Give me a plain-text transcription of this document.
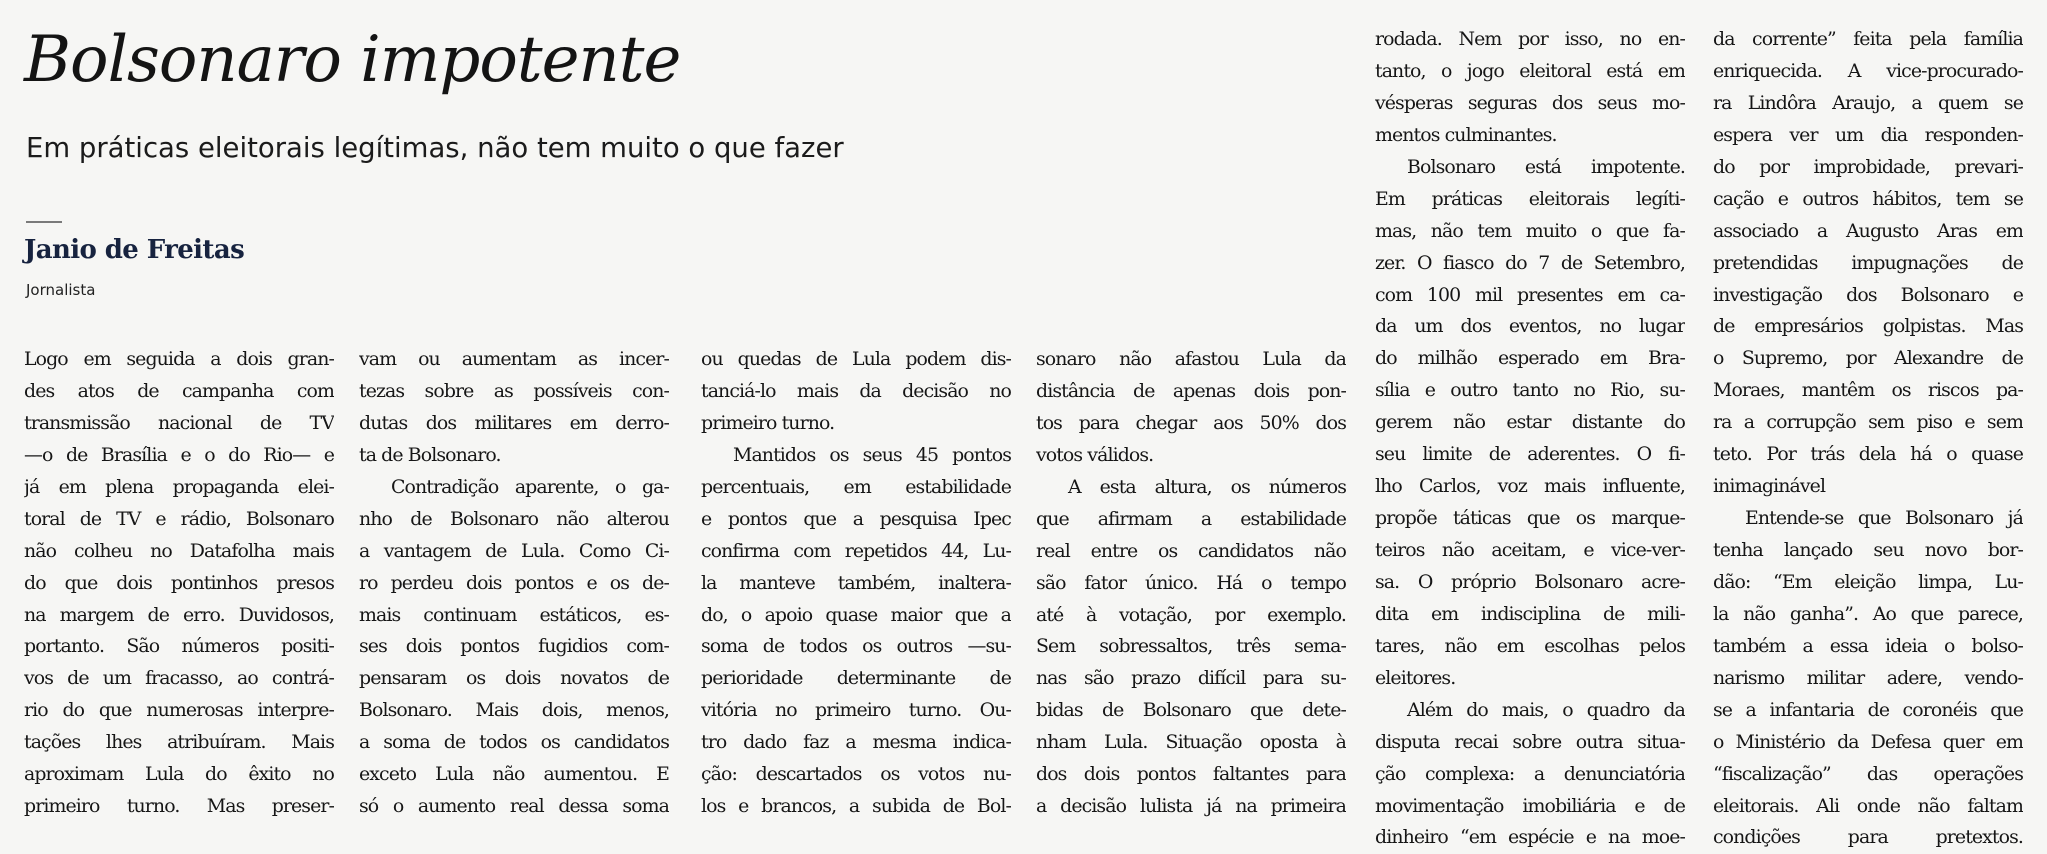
Bolsonaro impotente
Em práticas eleitorais legítimas, não tem muito o que fazer
Janio de Freitas
Jornalista
Logo em seguida a dois gran-
des atos de campanha com
transmissão nacional de TV
—o de Brasília e o do Rio— e
já em plena propaganda elei-
toral de TV e rádio, Bolsonaro
não colheu no Datafolha mais
do que dois pontinhos presos
na margem de erro. Duvidosos,
portanto. São números positi-
vos de um fracasso, ao contrá-
rio do que numerosas interpre-
tações lhes atribuíram. Mais
aproximam Lula do êxito no
primeiro turno. Mas preser-
vam ou aumentam as incer-
tezas sobre as possíveis con-
dutas dos militares em derro-
ta de Bolsonaro.
Contradição aparente, o ga-
nho de Bolsonaro não alterou
a vantagem de Lula. Como Ci-
ro perdeu dois pontos e os de-
mais continuam estáticos, es-
ses dois pontos fugidios com-
pensaram os dois novatos de
Bolsonaro. Mais dois, menos,
a soma de todos os candidatos
exceto Lula não aumentou. E
só o aumento real dessa soma
ou quedas de Lula podem dis-
tanciá-lo mais da decisão no
primeiro turno.
Mantidos os seus 45 pontos
percentuais, em estabilidade
e pontos que a pesquisa Ipec
confirma com repetidos 44, Lu-
la manteve também, inaltera-
do, o apoio quase maior que a
soma de todos os outros —su-
perioridade determinante de
vitória no primeiro turno. Ou-
tro dado faz a mesma indica-
ção: descartados os votos nu-
los e brancos, a subida de Bol-
sonaro não afastou Lula da
distância de apenas dois pon-
tos para chegar aos 50% dos
votos válidos.
A esta altura, os números
que afirmam a estabilidade
real entre os candidatos não
são fator único. Há o tempo
até à votação, por exemplo.
Sem sobressaltos, três sema-
nas são prazo difícil para su-
bidas de Bolsonaro que dete-
nham Lula. Situação oposta à
dos dois pontos faltantes para
a decisão lulista já na primeira
rodada. Nem por isso, no en-
tanto, o jogo eleitoral está em
vésperas seguras dos seus mo-
mentos culminantes.
Bolsonaro está impotente.
Em práticas eleitorais legíti-
mas, não tem muito o que fa-
zer. O fiasco do 7 de Setembro,
com 100 mil presentes em ca-
da um dos eventos, no lugar
do milhão esperado em Bra-
sília e outro tanto no Rio, su-
gerem não estar distante do
seu limite de aderentes. O fi-
lho Carlos, voz mais influente,
propõe táticas que os marque-
teiros não aceitam, e vice-ver-
sa. O próprio Bolsonaro acre-
dita em indisciplina de mili-
tares, não em escolhas pelos
eleitores.
Além do mais, o quadro da
disputa recai sobre outra situa-
ção complexa: a denunciatória
movimentação imobiliária e de
dinheiro “em espécie e na moe-
da corrente” feita pela família
enriquecida. A vice-procurado-
ra Lindôra Araujo, a quem se
espera ver um dia responden-
do por improbidade, prevari-
cação e outros hábitos, tem se
associado a Augusto Aras em
pretendidas impugnações de
investigação dos Bolsonaro e
de empresários golpistas. Mas
o Supremo, por Alexandre de
Moraes, mantêm os riscos pa-
ra a corrupção sem piso e sem
teto. Por trás dela há o quase
inimaginável
Entende-se que Bolsonaro já
tenha lançado seu novo bor-
dão: “Em eleição limpa, Lu-
la não ganha”. Ao que parece,
também a essa ideia o bolso-
narismo militar adere, vendo-
se a infantaria de coronéis que
o Ministério da Defesa quer em
“fiscalização” das operações
eleitorais. Ali onde não faltam
condições para pretextos.
